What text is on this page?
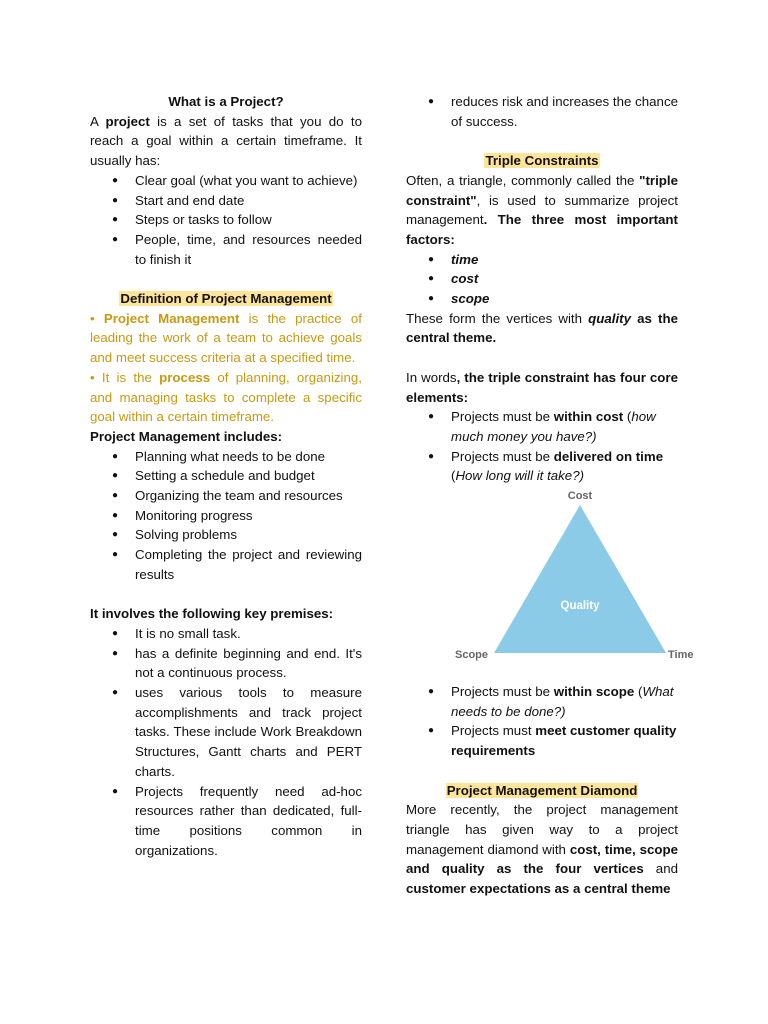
What is a Project?

A project is a set of tasks that you do to reach a goal within a certain timeframe. It usually has:

● Clear goal (what you want to achieve)
● Start and end date
● Steps or tasks to follow
● People, time, and resources needed to finish it

Definition of Project Management

• Project Management is the practice of leading the work of a team to achieve goals and meet success criteria at a specified time.

• It is the process of planning, organizing, and managing tasks to complete a specific goal within a certain timeframe.

Project Management includes:

● Planning what needs to be done
● Setting a schedule and budget
● Organizing the team and resources
● Monitoring progress
● Solving problems
● Completing the project and reviewing results

It involves the following key premises:

● It is no small task.
● has a definite beginning and end. It's not a continuous process.
● uses various tools to measure accomplishments and track project tasks. These include Work Breakdown Structures, Gantt charts and PERT charts.
● Projects frequently need ad-hoc resources rather than dedicated, full-time positions common in organizations.
● reduces risk and increases the chance of success.

Triple Constraints

Often, a triangle, commonly called the "triple constraint", is used to summarize project management. The three most important factors:

● time
● cost
● scope

These form the vertices with quality as the central theme.

In words, the triple constraint has four core elements:

● Projects must be within cost (how much money you have?)
● Projects must be delivered on time (How long will it take?)
Cost
Quality
Scope	Time
● Projects must be within scope (What needs to be done?)
● Projects must meet customer quality requirements

Project Management Diamond

More recently, the project management triangle has given way to a project management diamond with cost, time, scope and quality as the four vertices and customer expectations as a central theme
